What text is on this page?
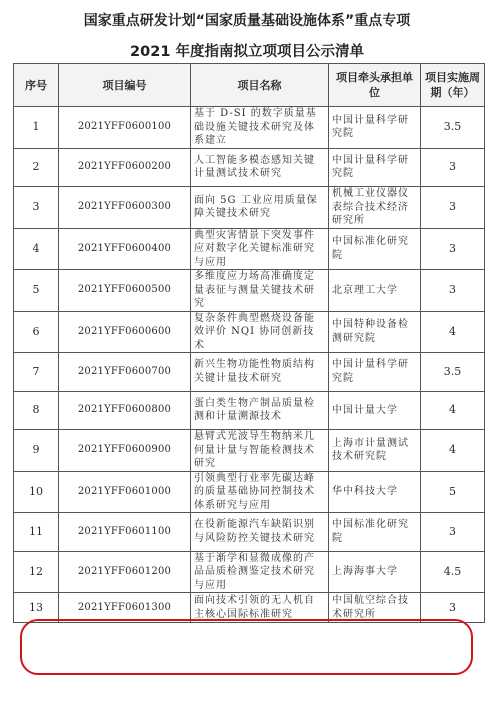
国家重点研发计划“国家质量基础设施体系”重点专项
2021 年度指南拟立项项目公示清单
序号	项目编号	项目名称	项目牵头承担单位	项目实施周期（年）
1	2021YFF0600100	基于 D-SI 的数字质量基础设施关键技术研究及体系建立	中国计量科学研究院	3.5
2	2021YFF0600200	人工智能多模态感知关键计量测试技术研究	中国计量科学研究院	3
3	2021YFF0600300	面向 5G 工业应用质量保障关键技术研究	机械工业仪器仪表综合技术经济研究所	3
4	2021YFF0600400	典型灾害情景下突发事件应对数字化关键标准研究与应用	中国标准化研究院	3
5	2021YFF0600500	多维度应力场高准确度定量表征与测量关键技术研究	北京理工大学	3
6	2021YFF0600600	复杂条件典型燃烧设备能效评价 NQI 协同创新技术	中国特种设备检测研究院	4
7	2021YFF0600700	新兴生物功能性物质结构关键计量技术研究	中国计量科学研究院	3.5
8	2021YFF0600800	蛋白类生物产制品质量检测和计量溯源技术	中国计量大学	4
9	2021YFF0600900	悬臂式光波导生物纳米几何量计量与智能检测技术研究	上海市计量测试技术研究院	4
10	2021YFF0601000	引领典型行业率先碳达峰的质量基础协同控制技术体系研究与应用	华中科技大学	5
11	2021YFF0601100	在役新能源汽车缺陷识别与风险防控关键技术研究	中国标准化研究院	3
12	2021YFF0601200	基于渐学和显微成像的产品品质检测鉴定技术研究与应用	上海海事大学	4.5
13	2021YFF0601300	面向技术引领的无人机自主核心国际标准研究	中国航空综合技术研究所	3
